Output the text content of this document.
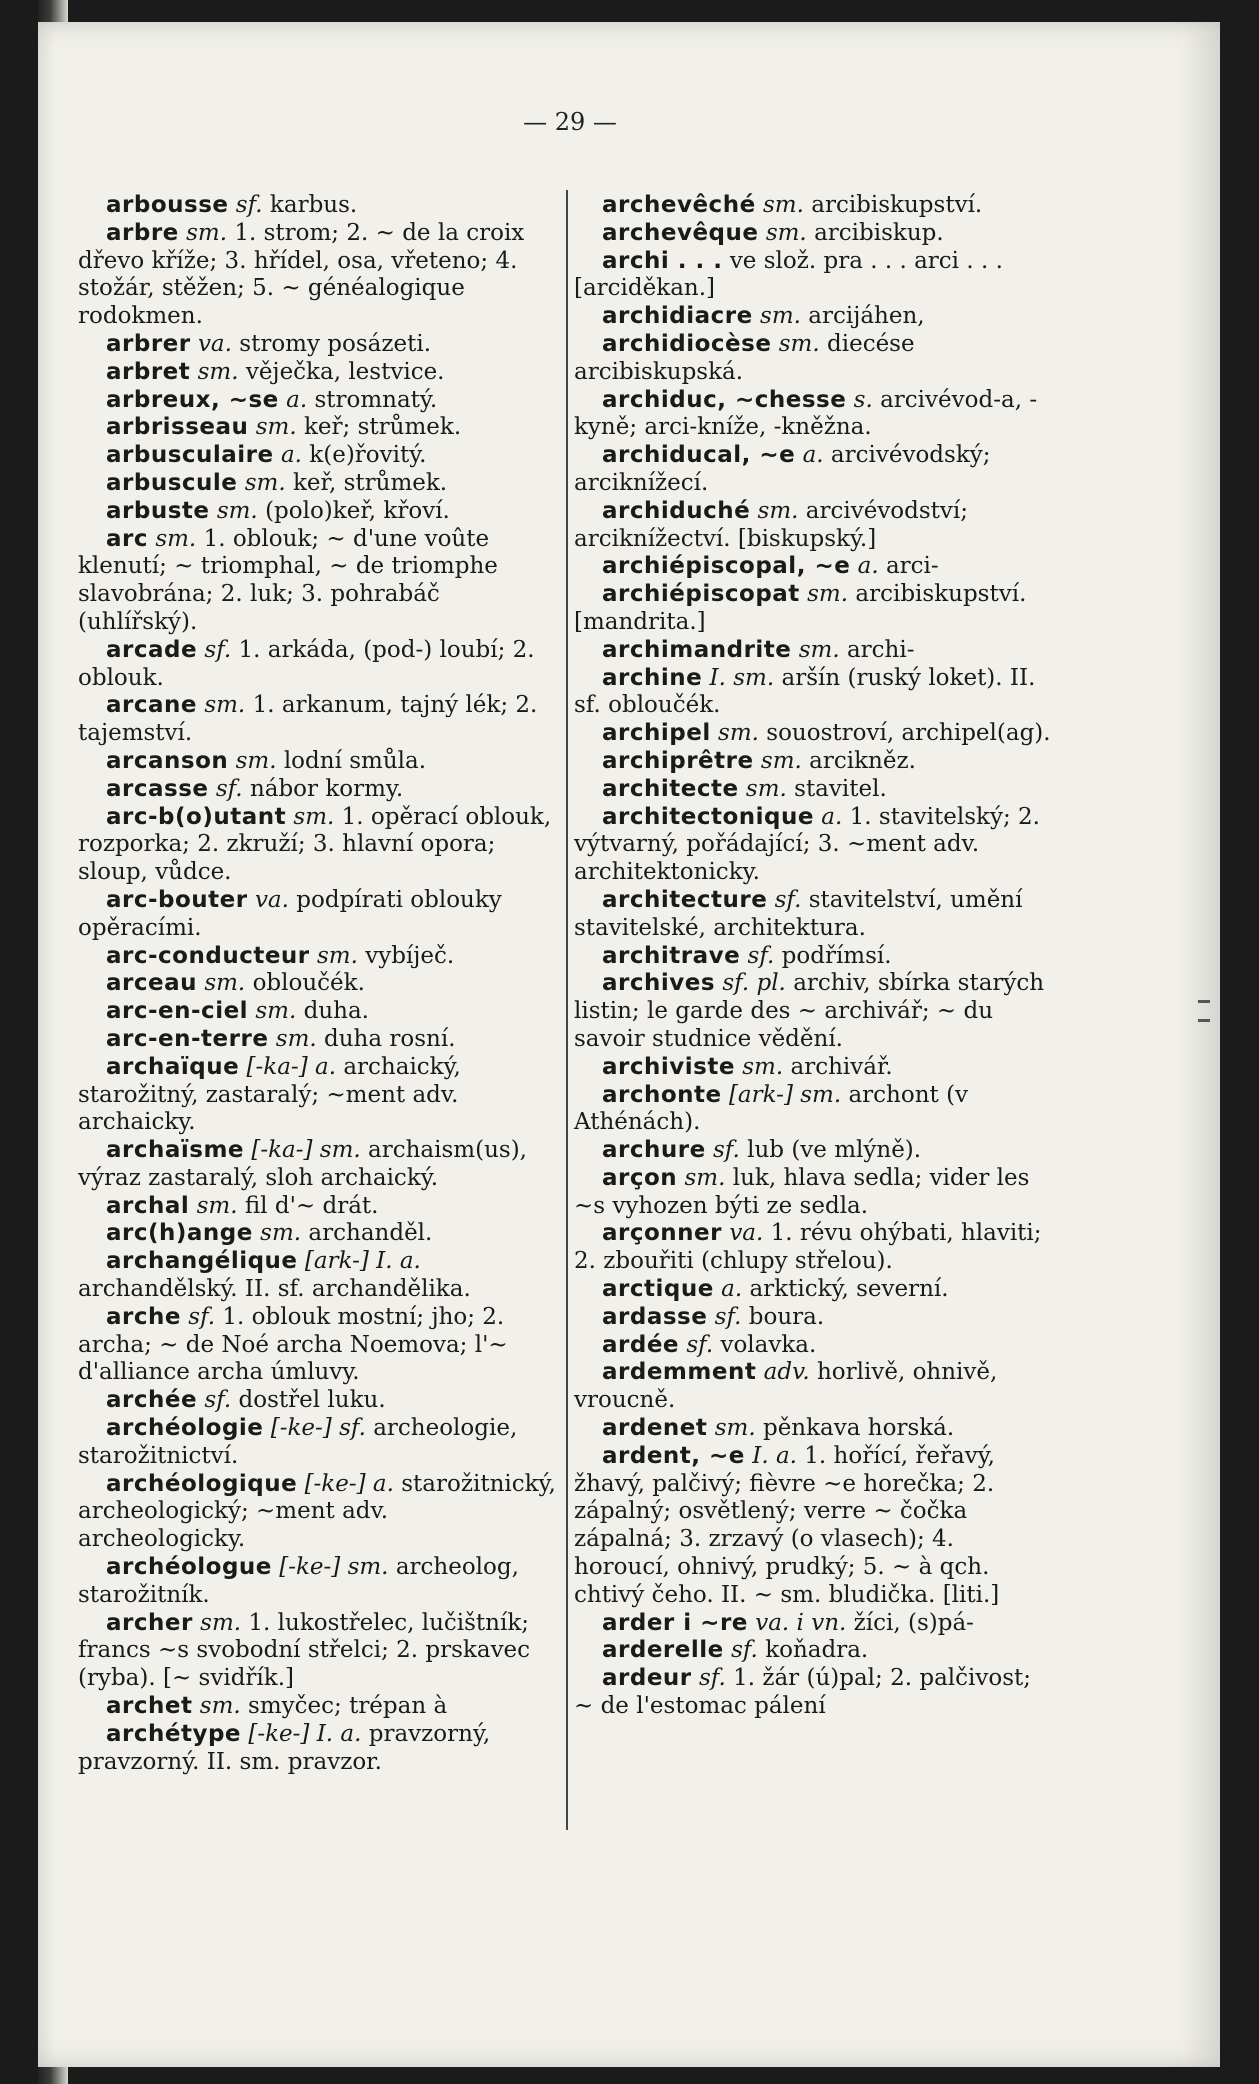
— 29 —

arbousse sf. karbus.

arbre sm. 1. strom; 2. ~ de la croix dřevo kříže; 3. hřídel, osa, vřeteno; 4. stožár, stěžen; 5. ~ généalogique rodokmen.

arbrer va. stromy posázeti.

arbret sm. věječka, lestvice.

arbreux, ~se a. stromnatý.

arbrisseau sm. keř; strůmek.

arbusculaire a. k(e)řovitý.

arbuscule sm. keř, strůmek.

arbuste sm. (polo)keř, křoví.

arc sm. 1. oblouk; ~ d'une voûte klenutí; ~ triomphal, ~ de triomphe slavobrána; 2. luk; 3. pohrabáč (uhlířský).

arcade sf. 1. arkáda, (pod-) loubí; 2. oblouk.

arcane sm. 1. arkanum, tajný lék; 2. tajemství.

arcanson sm. lodní smůla.

arcasse sf. nábor kormy.

arc-b(o)utant sm. 1. opěrací oblouk, rozporka; 2. zkruží; 3. hlavní opora; sloup, vůdce.

arc-bouter va. podpírati oblouky opěracími.

arc-conducteur sm. vybíječ.

arceau sm. obloučék.

arc-en-ciel sm. duha.

arc-en-terre sm. duha rosní.

archaïque [-ka-] a. archaický, starožitný, zastaralý; ~ment adv. archaicky.

archaïsme [-ka-] sm. archaism(us), výraz zastaralý, sloh archaický.

archal sm. fil d'~ drát.

arc(h)ange sm. archanděl.

archangélique [ark-] I. a. archandělský. II. sf. archandělika.

arche sf. 1. oblouk mostní; jho; 2. archa; ~ de Noé archa Noemova; l'~ d'alliance archa úmluvy.

archée sf. dostřel luku.

archéologie [-ke-] sf. archeologie, starožitnictví.

archéologique [-ke-] a. starožitnický, archeologický; ~ment adv. archeologicky.

archéologue [-ke-] sm. archeolog, starožitník.

archer sm. 1. lukostřelec, lučištník; francs ~s svobodní střelci; 2. prskavec (ryba). [~ svidřík.]

archet sm. smyčec; trépan à

archétype [-ke-] I. a. pravzorný, pravzorný. II. sm. pravzor.

archevêché sm. arcibiskupství.

archevêque sm. arcibiskup.

archi . . . ve slož. pra . . . arci . . . [arciděkan.]

archidiacre sm. arcijáhen,

archidiocèse sm. diecése arcibiskupská.

archiduc, ~chesse s. arcivévod-a, -kyně; arci-kníže, -kněžna.

archiducal, ~e a. arcivévodský; arciknížecí.

archiduché sm. arcivévodství; arciknížectví. [biskupský.]

archiépiscopal, ~e a. arci-

archiépiscopat sm. arcibiskupství. [mandrita.]

archimandrite sm. archi-

archine I. sm. aršín (ruský loket). II. sf. obloučék.

archipel sm. souostroví, archipel(ag).

archiprêtre sm. arcikněz.

architecte sm. stavitel.

architectonique a. 1. stavitelský; 2. výtvarný, pořádající; 3. ~ment adv. architektonicky.

architecture sf. stavitelství, umění stavitelské, architektura.

architrave sf. podřímsí.

archives sf. pl. archiv, sbírka starých listin; le garde des ~ archivář; ~ du savoir studnice vědění.

archiviste sm. archivář.

archonte [ark-] sm. archont (v Athénách).

archure sf. lub (ve mlýně).

arçon sm. luk, hlava sedla; vider les ~s vyhozen býti ze sedla.

arçonner va. 1. révu ohýbati, hlaviti; 2. zbouřiti (chlupy střelou).

arctique a. arktický, severní.

ardasse sf. boura.

ardée sf. volavka.

ardemment adv. horlivě, ohnivě, vroucně.

ardenet sm. pěnkava horská.

ardent, ~e I. a. 1. hořící, řeřavý, žhavý, palčivý; fièvre ~e horečka; 2. zápalný; osvětlený; verre ~ čočka zápalná; 3. zrzavý (o vlasech); 4. horoucí, ohnivý, prudký; 5. ~ à qch. chtivý čeho. II. ~ sm. bludička. [liti.]

arder i ~re va. i vn. žíci, (s)pá-

arderelle sf. koňadra.

ardeur sf. 1. žár (ú)pal; 2. palčivost; ~ de l'estomac pálení
